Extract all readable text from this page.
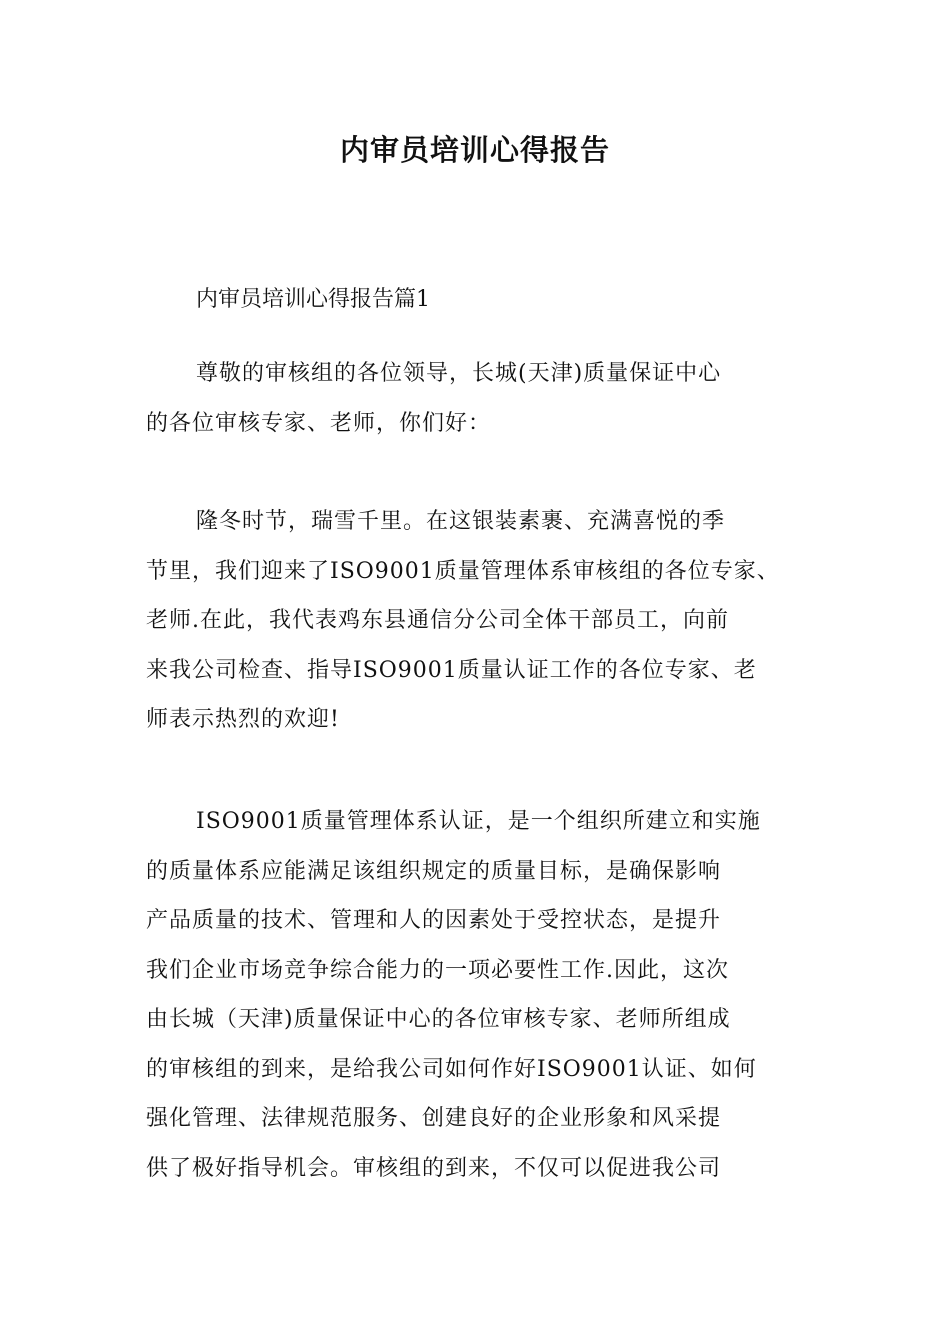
内审员培训心得报告
内审员培训心得报告篇1
尊敬的审核组的各位领导，长城(天津)质量保证中心
的各位审核专家、老师，你们好：
隆冬时节，瑞雪千里。在这银装素裹、充满喜悦的季
节里，我们迎来了ISO9001质量管理体系审核组的各位专家、
老师.在此，我代表鸡东县通信分公司全体干部员工，向前
来我公司检查、指导ISO9001质量认证工作的各位专家、老
师表示热烈的欢迎!
ISO9001质量管理体系认证，是一个组织所建立和实施
的质量体系应能满足该组织规定的质量目标，是确保影响
产品质量的技术、管理和人的因素处于受控状态，是提升
我们企业市场竞争综合能力的一项必要性工作.因此，这次
由长城（天津)质量保证中心的各位审核专家、老师所组成
的审核组的到来，是给我公司如何作好ISO9001认证、如何
强化管理、法律规范服务、创建良好的企业形象和风采提
供了极好指导机会。审核组的到来，不仅可以促进我公司
